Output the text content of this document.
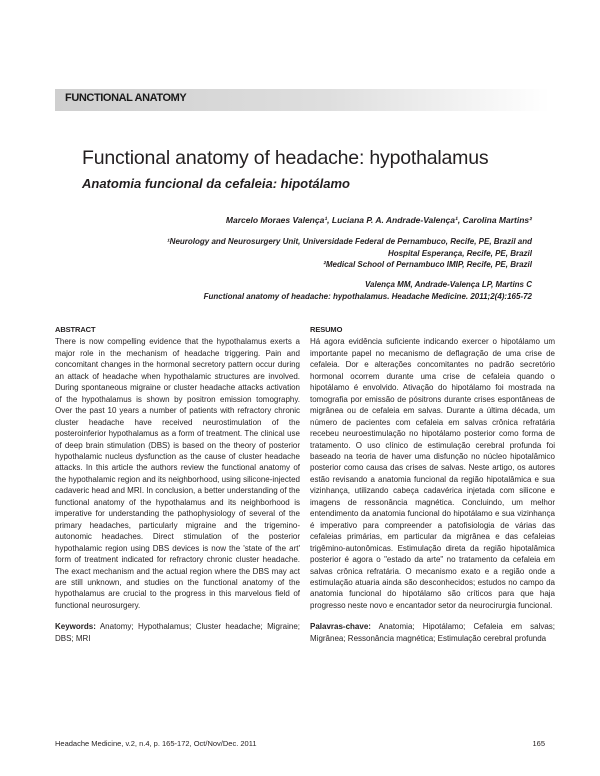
FUNCTIONAL ANATOMY
Functional anatomy of headache: hypothalamus
Anatomia funcional da cefaleia: hipotálamo
Marcelo Moraes Valença¹, Luciana P. A. Andrade-Valença¹, Carolina Martins²
¹Neurology and Neurosurgery Unit, Universidade Federal de Pernambuco, Recife, PE, Brazil and
Hospital Esperança, Recife, PE, Brazil
²Medical School of Pernambuco IMIP, Recife, PE, Brazil
Valença MM, Andrade-Valença LP, Martins C
Functional anatomy of headache: hypothalamus. Headache Medicine. 2011;2(4):165-72
ABSTRACT

There is now compelling evidence that the hypothalamus exerts a major role in the mechanism of headache triggering. Pain and concomitant changes in the hormonal secretory pattern occur during an attack of headache when hypothalamic structures are involved. During spontaneous migraine or cluster headache attacks activation of the hypothalamus is shown by positron emission tomography. Over the past 10 years a number of patients with refractory chronic cluster headache have received neurostimulation of the posteroinferior hypothalamus as a form of treatment. The clinical use of deep brain stimulation (DBS) is based on the theory of posterior hypothalamic nucleus dysfunction as the cause of cluster headache attacks. In this article the authors review the functional anatomy of the hypothalamic region and its neighborhood, using silicone-injected cadaveric head and MRI. In conclusion, a better understanding of the functional anatomy of the hypothalamus and its neighborhood is imperative for understanding the pathophysiology of several of the primary headaches, particularly migraine and the trigemino-autonomic headaches. Direct stimulation of the posterior hypothalamic region using DBS devices is now the 'state of the art' form of treatment indicated for refractory chronic cluster headache. The exact mechanism and the actual region where the DBS may act are still unknown, and studies on the functional anatomy of the hypothalamus are crucial to the progress in this marvelous field of functional neurosurgery.

Keywords: Anatomy; Hypothalamus; Cluster headache; Migraine; DBS; MRI

RESUMO

Há agora evidência suficiente indicando exercer o hipotálamo um importante papel no mecanismo de deflagração de uma crise de cefaleia. Dor e alterações concomitantes no padrão secretório hormonal ocorrem durante uma crise de cefaleia quando o hipotálamo é envolvido. Ativação do hipotálamo foi mostrada na tomografia por emissão de pósitrons durante crises espontâneas de migrânea ou de cefaleia em salvas. Durante a última década, um número de pacientes com cefaleia em salvas crônica refratária recebeu neuroestimulação no hipotálamo posterior como forma de tratamento. O uso clínico de estimulação cerebral profunda foi baseado na teoria de haver uma disfunção no núcleo hipotalâmico posterior como causa das crises de salvas. Neste artigo, os autores estão revisando a anatomia funcional da região hipotalâmica e sua vizinhança, utilizando cabeça cadavérica injetada com silicone e imagens de ressonância magnética. Concluindo, um melhor entendimento da anatomia funcional do hipotálamo e sua vizinhança é imperativo para compreender a patofisiologia de várias das cefaleias primárias, em particular da migrânea e das cefaleias trigêmino-autonômicas. Estimulação direta da região hipotalâmica posterior é agora o "estado da arte" no tratamento da cefaleia em salvas crônica refratária. O mecanismo exato e a região onde a estimulação atuaria ainda são desconhecidos; estudos no campo da anatomia funcional do hipotálamo são críticos para que haja progresso neste novo e encantador setor da neurocirurgia funcional.

Palavras-chave: Anatomia; Hipotálamo; Cefaleia em salvas; Migrânea; Ressonância magnética; Estimulação cerebral profunda

Headache Medicine, v.2, n.4, p. 165-172, Oct/Nov/Dec. 2011	165
